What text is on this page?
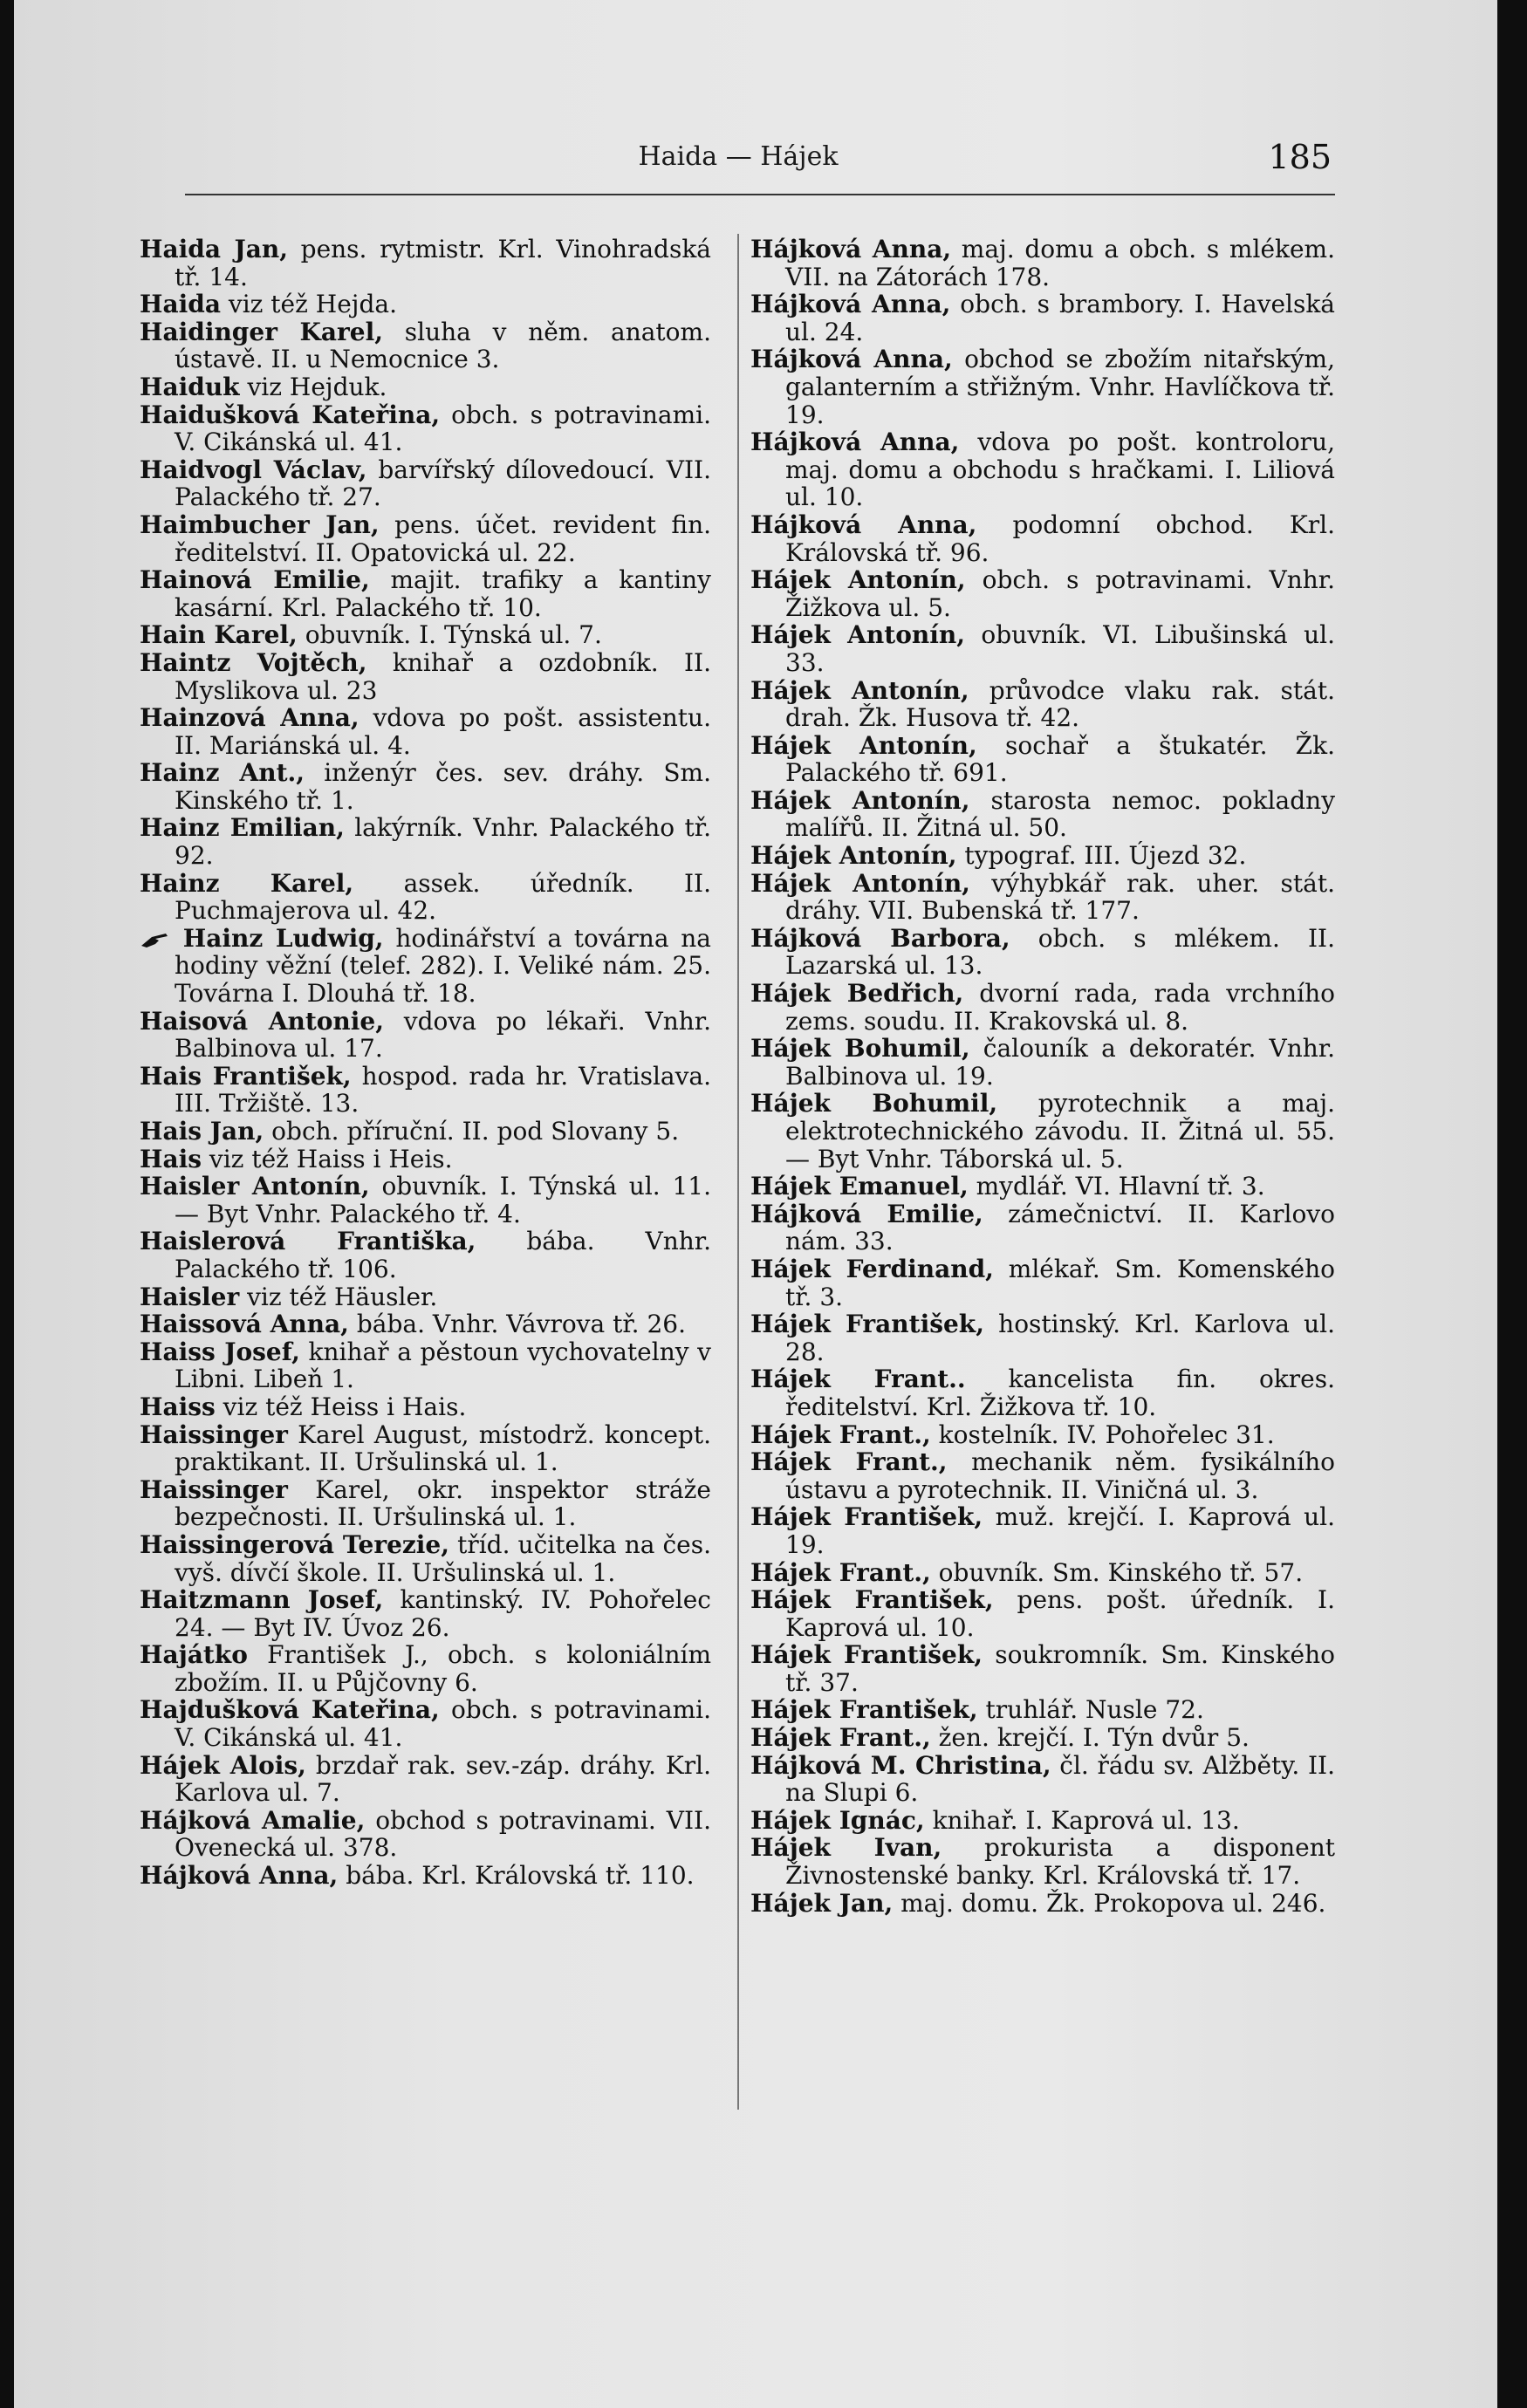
Haida — Hájek	185

Haida Jan, pens. rytmistr. Krl. Vinohradská tř. 14.

Haida viz též Hejda.

Haidinger Karel, sluha v něm. anatom. ústavě. II. u Nemocnice 3.

Haiduk viz Hejduk.

Haidušková Kateřina, obch. s potravinami. V. Cikánská ul. 41.

Haidvogl Václav, barvířský dílovedoucí. VII. Palackého tř. 27.

Haimbucher Jan, pens. účet. revident fin. ředitelství. II. Opatovická ul. 22.

Hainová Emilie, majit. trafiky a kantiny kasární. Krl. Palackého tř. 10.

Hain Karel, obuvník. I. Týnská ul. 7.

Haintz Vojtěch, knihař a ozdobník. II. Myslikova ul. 23

Hainzová Anna, vdova po pošt. assistentu. II. Mariánská ul. 4.

Hainz Ant., inženýr čes. sev. dráhy. Sm. Kinského tř. 1.

Hainz Emilian, lakýrník. Vnhr. Palackého tř. 92.

Hainz Karel, assek. úředník. II. Puchmajerova ul. 42.

Hainz Ludwig, hodinářství a továrna na hodiny věžní (telef. 282). I. Veliké nám. 25. Továrna I. Dlouhá tř. 18.

Haisová Antonie, vdova po lékaři. Vnhr. Balbinova ul. 17.

Hais František, hospod. rada hr. Vratislava. III. Tržiště. 13.

Hais Jan, obch. příruční. II. pod Slovany 5.

Hais viz též Haiss i Heis.

Haisler Antonín, obuvník. I. Týnská ul. 11. — Byt Vnhr. Palackého tř. 4.

Haislerová Františka, bába. Vnhr. Palackého tř. 106.

Haisler viz též Häusler.

Haissová Anna, bába. Vnhr. Vávrova tř. 26.

Haiss Josef, knihař a pěstoun vychovatelny v Libni. Libeň 1.

Haiss viz též Heiss i Hais.

Haissinger Karel August, místodrž. koncept. praktikant. II. Uršulinská ul. 1.

Haissinger Karel, okr. inspektor stráže bezpečnosti. II. Uršulinská ul. 1.

Haissingerová Terezie, tříd. učitelka na čes. vyš. dívčí škole. II. Uršulinská ul. 1.

Haitzmann Josef, kantinský. IV. Pohořelec 24. — Byt IV. Úvoz 26.

Hajátko František J., obch. s koloniálním zbožím. II. u Půjčovny 6.

Hajdušková Kateřina, obch. s potravinami. V. Cikánská ul. 41.

Hájek Alois, brzdař rak. sev.-záp. dráhy. Krl. Karlova ul. 7.

Hájková Amalie, obchod s potravinami. VII. Ovenecká ul. 378.

Hájková Anna, bába. Krl. Královská tř. 110.

Hájková Anna, maj. domu a obch. s mlékem. VII. na Zátorách 178.

Hájková Anna, obch. s brambory. I. Havelská ul. 24.

Hájková Anna, obchod se zbožím nitařským, galanterním a střižným. Vnhr. Havlíčkova tř. 19.

Hájková Anna, vdova po pošt. kontroloru, maj. domu a obchodu s hračkami. I. Liliová ul. 10.

Hájková Anna, podomní obchod. Krl. Královská tř. 96.

Hájek Antonín, obch. s potravinami. Vnhr. Žižkova ul. 5.

Hájek Antonín, obuvník. VI. Libušinská ul. 33.

Hájek Antonín, průvodce vlaku rak. stát. drah. Žk. Husova tř. 42.

Hájek Antonín, sochař a štukatér. Žk. Palackého tř. 691.

Hájek Antonín, starosta nemoc. pokladny malířů. II. Žitná ul. 50.

Hájek Antonín, typograf. III. Újezd 32.

Hájek Antonín, výhybkář rak. uher. stát. dráhy. VII. Bubenská tř. 177.

Hájková Barbora, obch. s mlékem. II. Lazarská ul. 13.

Hájek Bedřich, dvorní rada, rada vrchního zems. soudu. II. Krakovská ul. 8.

Hájek Bohumil, čalouník a dekoratér. Vnhr. Balbinova ul. 19.

Hájek Bohumil, pyrotechnik a maj. elektrotechnického závodu. II. Žitná ul. 55. — Byt Vnhr. Táborská ul. 5.

Hájek Emanuel, mydlář. VI. Hlavní tř. 3.

Hájková Emilie, zámečnictví. II. Karlovo nám. 33.

Hájek Ferdinand, mlékař. Sm. Komenského tř. 3.

Hájek František, hostinský. Krl. Karlova ul. 28.

Hájek Frant.. kancelista fin. okres. ředitelství. Krl. Žižkova tř. 10.

Hájek Frant., kostelník. IV. Pohořelec 31.

Hájek Frant., mechanik něm. fysikálního ústavu a pyrotechnik. II. Viničná ul. 3.

Hájek František, muž. krejčí. I. Kaprová ul. 19.

Hájek Frant., obuvník. Sm. Kinského tř. 57.

Hájek František, pens. pošt. úředník. I. Kaprová ul. 10.

Hájek František, soukromník. Sm. Kinského tř. 37.

Hájek František, truhlář. Nusle 72.

Hájek Frant., žen. krejčí. I. Týn dvůr 5.

Hájková M. Christina, čl. řádu sv. Alžběty. II. na Slupi 6.

Hájek Ignác, knihař. I. Kaprová ul. 13.

Hájek Ivan, prokurista a disponent Živnostenské banky. Krl. Královská tř. 17.

Hájek Jan, maj. domu. Žk. Prokopova ul. 246.
